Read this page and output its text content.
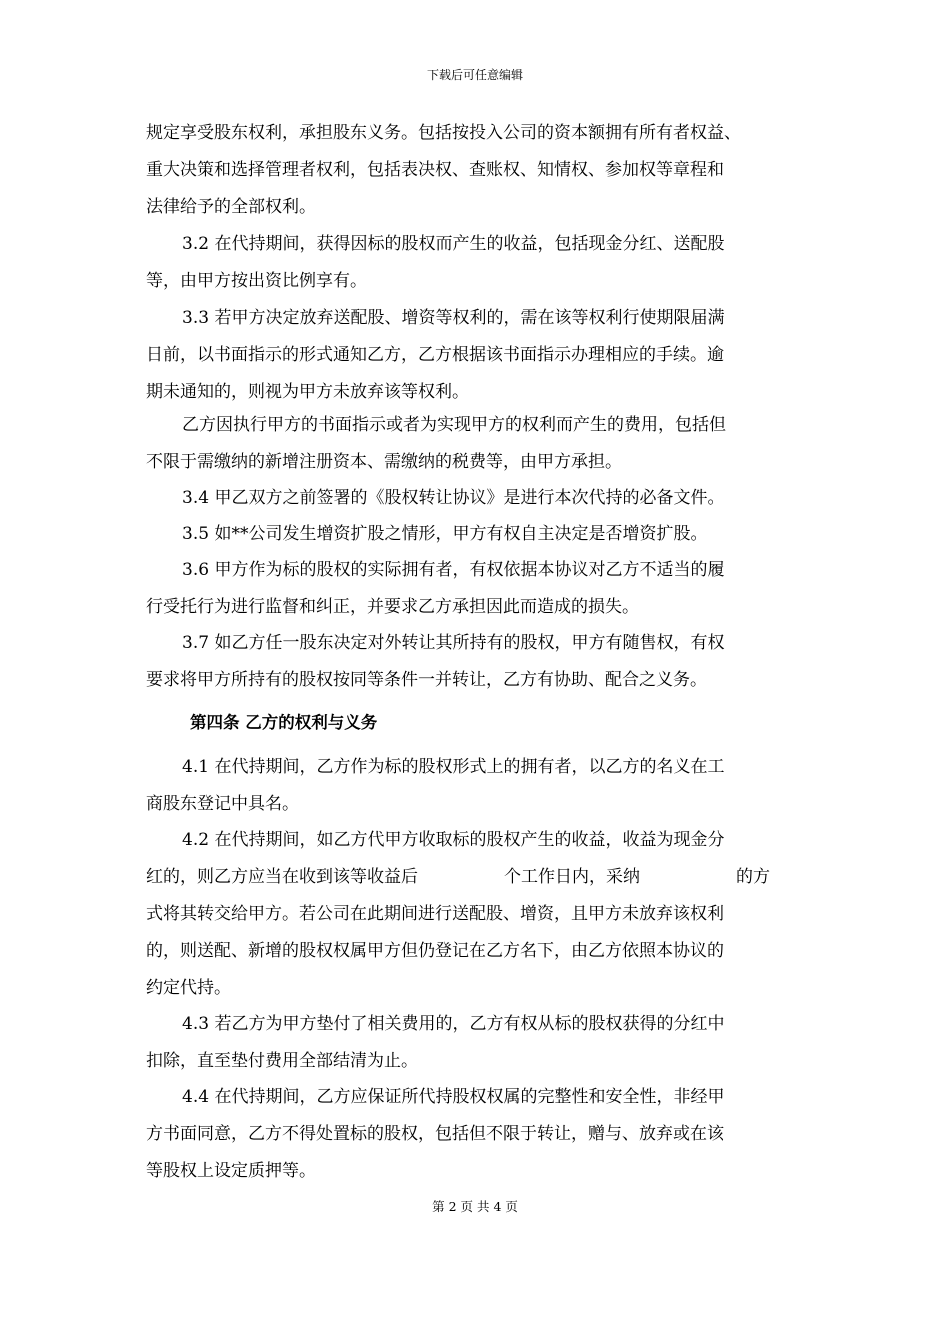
下载后可任意编辑
规定享受股东权利，承担股东义务。包括按投入公司的资本额拥有所有者权益、
重大决策和选择管理者权利，包括表决权、查账权、知情权、参加权等章程和
法律给予的全部权利。
3.2 在代持期间，获得因标的股权而产生的收益，包括现金分红、送配股
等，由甲方按出资比例享有。
3.3 若甲方决定放弃送配股、增资等权利的，需在该等权利行使期限届满
日前，以书面指示的形式通知乙方，乙方根据该书面指示办理相应的手续。逾
期未通知的，则视为甲方未放弃该等权利。
乙方因执行甲方的书面指示或者为实现甲方的权利而产生的费用，包括但
不限于需缴纳的新增注册资本、需缴纳的税费等，由甲方承担。
3.4 甲乙双方之前签署的《股权转让协议》是进行本次代持的必备文件。
3.5 如**公司发生增资扩股之情形，甲方有权自主决定是否增资扩股。
3.6 甲方作为标的股权的实际拥有者，有权依据本协议对乙方不适当的履
行受托行为进行监督和纠正，并要求乙方承担因此而造成的损失。
3.7 如乙方任一股东决定对外转让其所持有的股权，甲方有随售权，有权
要求将甲方所持有的股权按同等条件一并转让，乙方有协助、配合之义务。
第四条 乙方的权利与义务
4.1 在代持期间，乙方作为标的股权形式上的拥有者，以乙方的名义在工
商股东登记中具名。
4.2 在代持期间，如乙方代甲方收取标的股权产生的收益，收益为现金分
红的，则乙方应当在收到该等收益后	个工作日内，采纳	的方
式将其转交给甲方。若公司在此期间进行送配股、增资，且甲方未放弃该权利
的，则送配、新增的股权权属甲方但仍登记在乙方名下，由乙方依照本协议的
约定代持。
4.3 若乙方为甲方垫付了相关费用的，乙方有权从标的股权获得的分红中
扣除，直至垫付费用全部结清为止。
4.4 在代持期间，乙方应保证所代持股权权属的完整性和安全性，非经甲
方书面同意，乙方不得处置标的股权，包括但不限于转让，赠与、放弃或在该
等股权上设定质押等。
第 2 页 共 4 页
